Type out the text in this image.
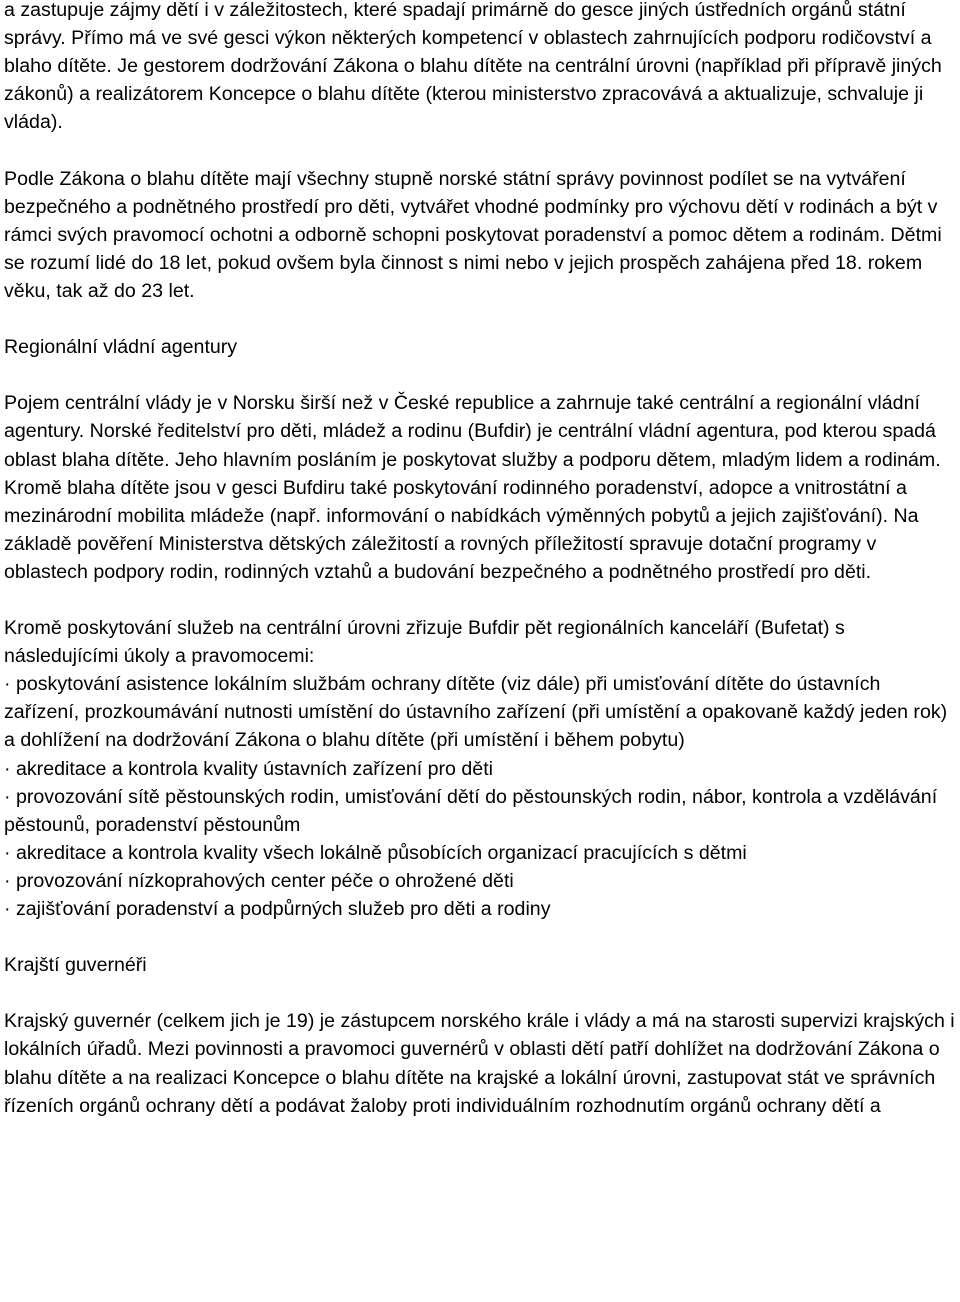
a zastupuje zájmy dětí i v záležitostech, které spadají primárně do gesce jiných ústředních orgánů státní správy. Přímo má ve své gesci výkon některých kompetencí v oblastech zahrnujících podporu rodičovství a blaho dítěte. Je gestorem dodržování Zákona o blahu dítěte na centrální úrovni (například při přípravě jiných zákonů) a realizátorem Koncepce o blahu dítěte (kterou ministerstvo zpracovává a aktualizuje, schvaluje ji vláda).

Podle Zákona o blahu dítěte mají všechny stupně norské státní správy povinnost podílet se na vytváření bezpečného a podnětného prostředí pro děti, vytvářet vhodné podmínky pro výchovu dětí v rodinách a být v rámci svých pravomocí ochotni a odborně schopni poskytovat poradenství a pomoc dětem a rodinám. Dětmi se rozumí lidé do 18 let, pokud ovšem byla činnost s nimi nebo v jejich prospěch zahájena před 18. rokem věku, tak až do 23 let.

Regionální vládní agentury

Pojem centrální vlády je v Norsku širší než v České republice a zahrnuje také centrální a regionální vládní agentury. Norské ředitelství pro děti, mládež a rodinu (Bufdir) je centrální vládní agentura, pod kterou spadá oblast blaha dítěte. Jeho hlavním posláním je poskytovat služby a podporu dětem, mladým lidem a rodinám. Kromě blaha dítěte jsou v gesci Bufdiru také poskytování rodinného poradenství, adopce a vnitrostátní a mezinárodní mobilita mládeže (např. informování o nabídkách výměnných pobytů a jejich zajišťování). Na základě pověření Ministerstva dětských záležitostí a rovných příležitostí spravuje dotační programy v oblastech podpory rodin, rodinných vztahů a budování bezpečného a podnětného prostředí pro děti.

Kromě poskytování služeb na centrální úrovni zřizuje Bufdir pět regionálních kanceláří (Bufetat) s následujícími úkoly a pravomocemi:

· poskytování asistence lokálním službám ochrany dítěte (viz dále) při umisťování dítěte do ústavních zařízení, prozkoumávání nutnosti umístění do ústavního zařízení (při umístění a opakovaně každý jeden rok) a dohlížení na dodržování Zákona o blahu dítěte (při umístění i během pobytu)

· akreditace a kontrola kvality ústavních zařízení pro děti

· provozování sítě pěstounských rodin, umisťování dětí do pěstounských rodin, nábor, kontrola a vzdělávání pěstounů, poradenství pěstounům

· akreditace a kontrola kvality všech lokálně působících organizací pracujících s dětmi

· provozování nízkoprahových center péče o ohrožené děti

· zajišťování poradenství a podpůrných služeb pro děti a rodiny

Krajští guvernéři

Krajský guvernér (celkem jich je 19) je zástupcem norského krále i vlády a má na starosti supervizi krajských i lokálních úřadů. Mezi povinnosti a pravomoci guvernérů v oblasti dětí patří dohlížet na dodržování Zákona o blahu dítěte a na realizaci Koncepce o blahu dítěte na krajské a lokální úrovni, zastupovat stát ve správních řízeních orgánů ochrany dětí a podávat žaloby proti individuálním rozhodnutím orgánů ochrany dětí a
